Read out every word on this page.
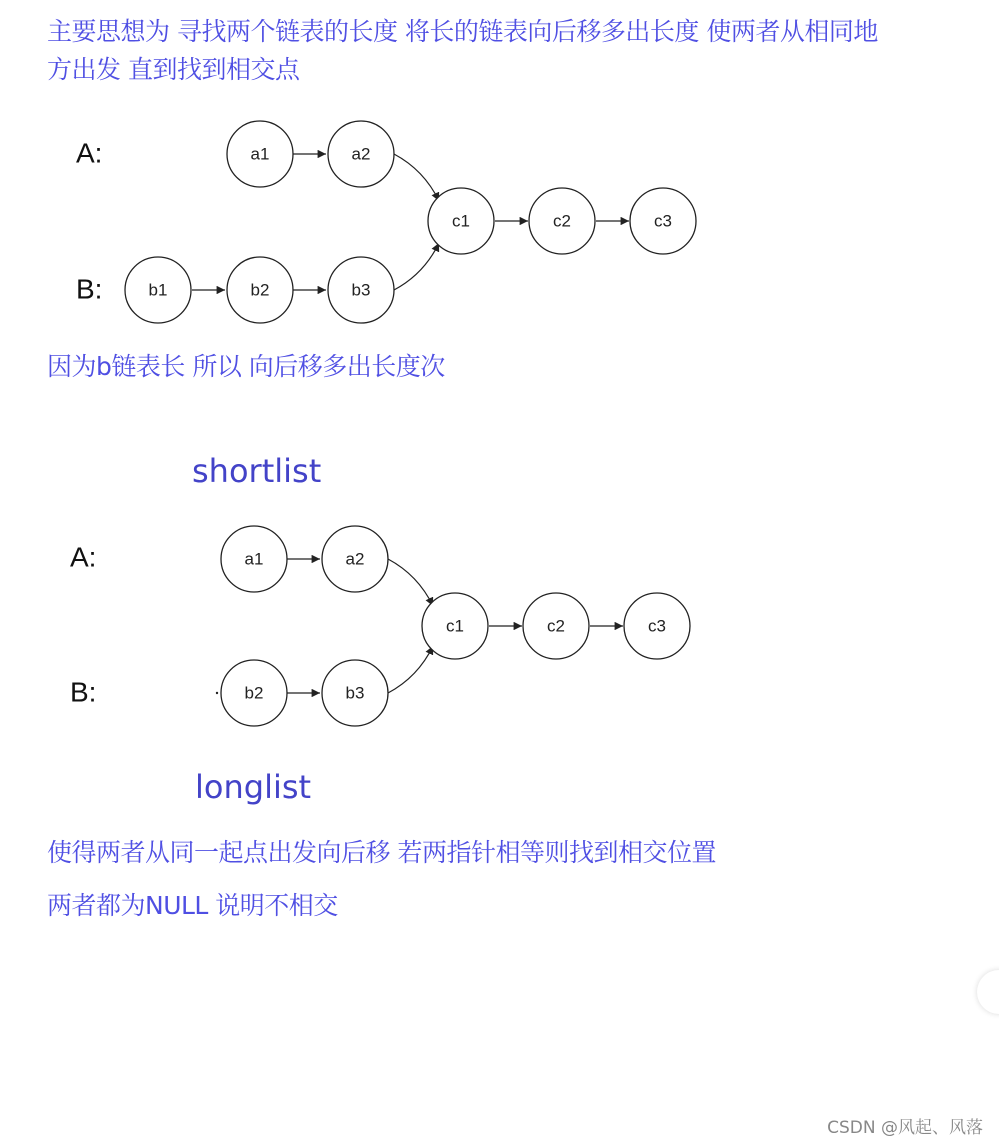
主要思想为 寻找两个链表的长度 将长的链表向后移多出长度 使两者从相同地
方出发 直到找到相交点

A:
B:
a1	a2
b1	b2	b3
c1	c2	c3

因为b链表长 所以 向后移多出长度次

shortlist
longlist
A:
B:
a1	a2
b2	b3
c1	c2	c3

使得两者从同一起点出发向后移 若两指针相等则找到相交位置

两者都为NULL 说明不相交

CSDN @风起、风落
